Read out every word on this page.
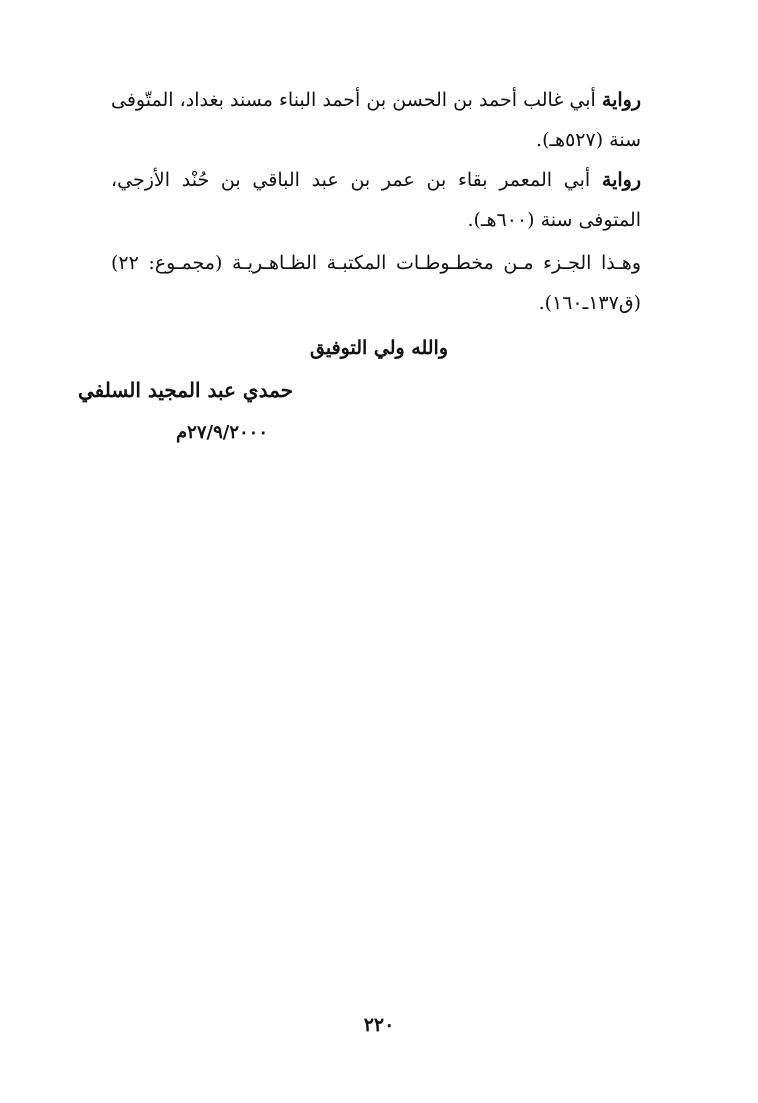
رواية أبي غالب أحمد بن الحسن بن أحمد البناء مسند بغداد، المتّوفى سنة (٥٢٧هـ).

رواية أبي المعمر بقاء بن عمر بن عبد الباقي بن حُنْد الأزجي، المتوفى سنة (٦٠٠هـ).

وهـذا الجـزء مـن مخطـوطـات المكتبـة الظـاهـريـة (مجمـوع: ٢٢) (ق١٣٧ـ١٦٠).

والله ولي التوفيق
حمدي عبد المجيد السلفي
٢٧/٩/٢٠٠٠م
٢٢٠
